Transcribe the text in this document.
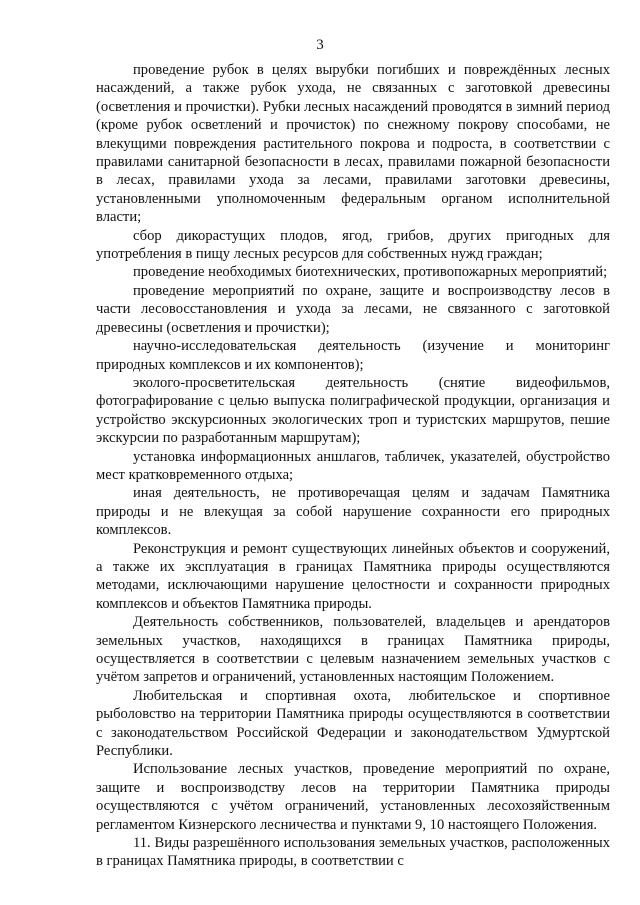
3

проведение рубок в целях вырубки погибших и повреждённых лесных насаждений, а также рубок ухода, не связанных с заготовкой древесины (осветления и прочистки). Рубки лесных насаждений проводятся в зимний период (кроме рубок осветлений и прочисток) по снежному покрову способами, не влекущими повреждения растительного покрова и подроста, в соответствии с правилами санитарной безопасности в лесах, правилами пожарной безопасности в лесах, правилами ухода за лесами, правилами заготовки древесины, установленными уполномоченным федеральным органом исполнительной власти;

сбор дикорастущих плодов, ягод, грибов, других пригодных для употребления в пищу лесных ресурсов для собственных нужд граждан;

проведение необходимых биотехнических, противопожарных мероприятий;

проведение мероприятий по охране, защите и воспроизводству лесов в части лесовосстановления и ухода за лесами, не связанного с заготовкой древесины (осветления и прочистки);

научно-исследовательская деятельность (изучение и мониторинг природных комплексов и их компонентов);

эколого-просветительская деятельность (снятие видеофильмов, фотографирование с целью выпуска полиграфической продукции, организация и устройство экскурсионных экологических троп и туристских маршрутов, пешие экскурсии по разработанным маршрутам);

установка информационных аншлагов, табличек, указателей, обустройство мест кратковременного отдыха;

иная деятельность, не противоречащая целям и задачам Памятника природы и не влекущая за собой нарушение сохранности его природных комплексов.

Реконструкция и ремонт существующих линейных объектов и сооружений, а также их эксплуатация в границах Памятника природы осуществляются методами, исключающими нарушение целостности и сохранности природных комплексов и объектов Памятника природы.

Деятельность собственников, пользователей, владельцев и арендаторов земельных участков, находящихся в границах Памятника природы, осуществляется в соответствии с целевым назначением земельных участков с учётом запретов и ограничений, установленных настоящим Положением.

Любительская и спортивная охота, любительское и спортивное рыболовство на территории Памятника природы осуществляются в соответствии с законодательством Российской Федерации и законодательством Удмуртской Республики.

Использование лесных участков, проведение мероприятий по охране, защите и воспроизводству лесов на территории Памятника природы осуществляются с учётом ограничений, установленных лесохозяйственным регламентом Кизнерского лесничества и пунктами 9, 10 настоящего Положения.

11. Виды разрешённого использования земельных участков, расположенных в границах Памятника природы, в соответствии с
